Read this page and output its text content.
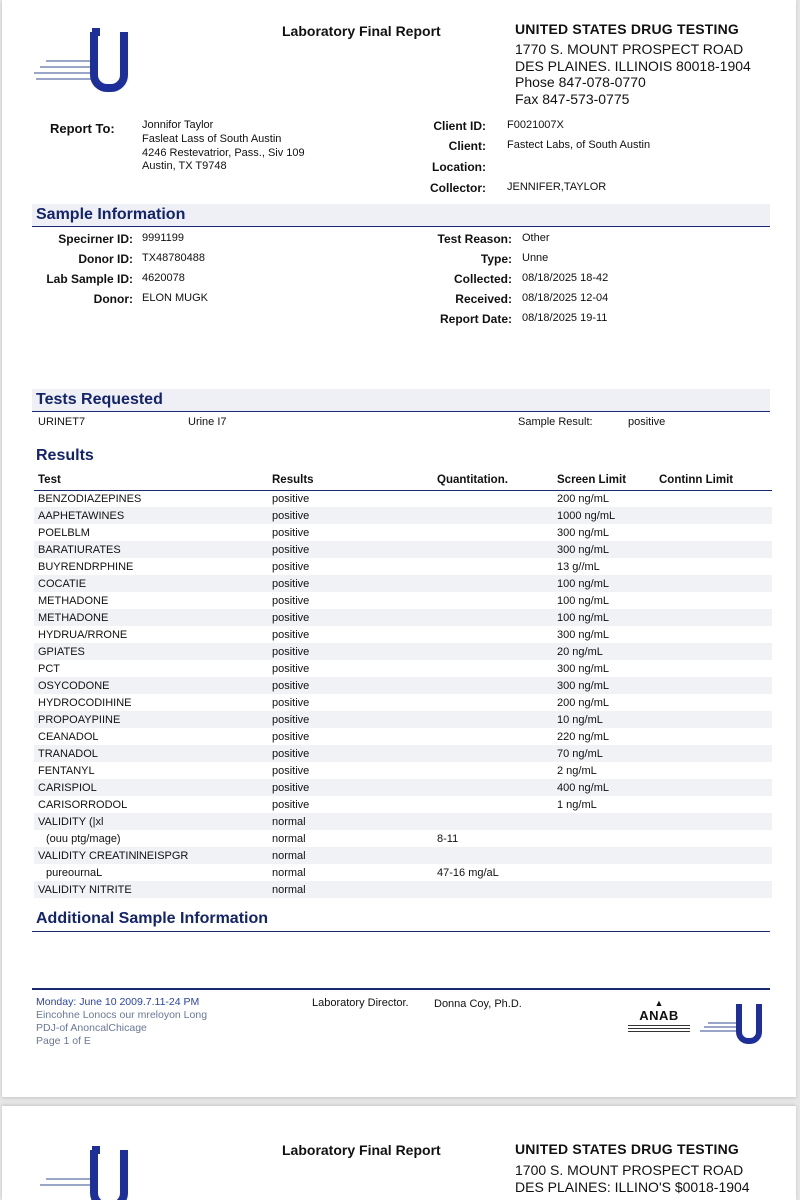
Laboratory Final Report	UNITED STATES DRUG TESTING
1770 S. MOUNT PROSPECT ROAD
DES PLAINES. ILLINOIS 80018-1904
Phose 847-078-0770
Fax 847-573-0775
Report To: Jonnifor Taylor
Fasleat Lass of South Austin
4246 Restevatrior, Pass., Siv 109
Austin, TX T9748
Client ID: F0021007X
Client: Fastect Labs, of South Austin
Location:
Collector: JENNIFER,TAYLOR
Sample Information
Specirner ID: 9991199
Donor ID: TX48780488
Lab Sample ID: 4620078
Donor: ELON MUGK
Test Reason: Other
Type: Unne
Collected: 08/18/2025 18-42
Received: 08/18/2025 12-04
Report Date: 08/18/2025 19-11
Tests Requested
URINET7	Urine I7	Sample Result:	positive
Results
Test	Results	Quantitation.	Screen Limit	Continn Limit
BENZODIAZEPINES	positive		200 ng/mL	
AAPHETAWINES	positive		1000 ng/mL	
POELBLM	positive		300 ng/mL	
BARATIURATES	positive		300 ng/mL	
BUYRENDRPHINE	positive		13 g//mL	
COCATIE	positive		100 ng/mL	
METHADONE	positive		100 ng/mL	
METHADONE	positive		100 ng/mL	
HYDRUA/RRONE	positive		300 ng/mL	
GPIATES	positive		20 ng/mL	
PCT	positive		300 ng/mL	
OSYCODONE	positive		300 ng/mL	
HYDROCODIHINE	positive		200 ng/mL	
PROPOAYPIINE	positive		10 ng/mL	
CEANADOL	positive		220 ng/mL	
TRANADOL	positive		70 ng/mL	
FENTANYL	positive		2 ng/mL	
CARISPIOL	positive		400 ng/mL	
CARISORRODOL	positive		1 ng/mL	
VALIDITY (|xl	normal			
(ouu ptg/mage)	normal	8-11		
VALIDITY CREATINlNEISPGR	normal			
pureournaL	normal	47-16 mg/aL		
VALIDITY NITRITE	normal			
Additional Sample Information
Monday: June 10 2009.7.11-24 PM
Eincohne Lonocs our mreloyon Long
PDJ-of AnoncalChicage
Page 1 of E
Laboratory Director. Donna Coy, Ph.D.	▲
ANAB
Laboratory Final Report	UNITED STATES DRUG TESTING
1700 S. MOUNT PROSPECT ROAD
DES PLAINES: ILLINO'S $0018-1904
